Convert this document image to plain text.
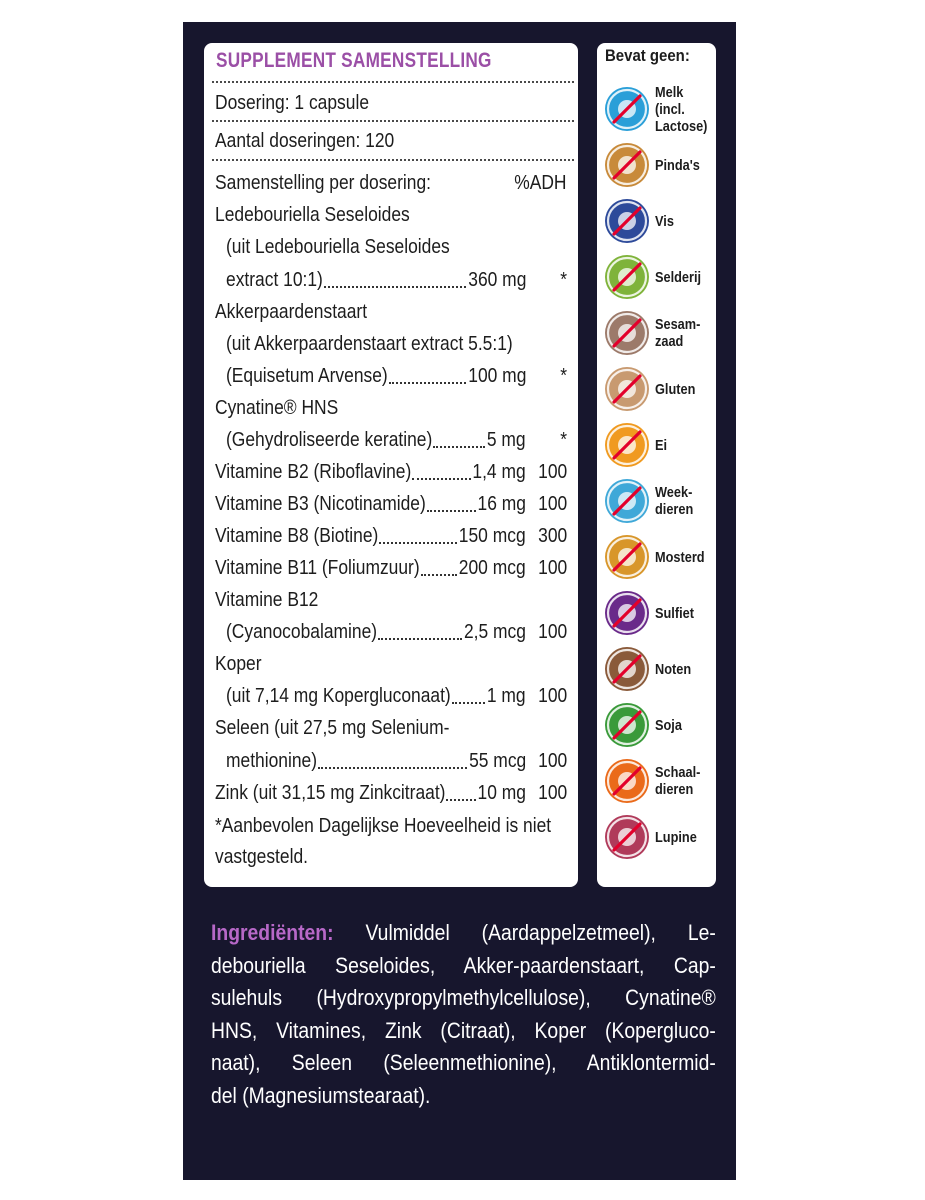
SUPPLEMENT SAMENSTELLING
Dosering: 1 capsule
Aantal doseringen: 120
Samenstelling per dosering:	%ADH
Ledebouriella Seseloides
(uit Ledebouriella Seseloides
extract 10:1)	360 mg *
Akkerpaardenstaart
(uit Akkerpaardenstaart extract 5.5:1)
(Equisetum Arvense)	100 mg *
Cynatine® HNS
(Gehydroliseerde keratine)	5 mg *
Vitamine B2 (Riboflavine)	1,4 mg 100
Vitamine B3 (Nicotinamide)	16 mg 100
Vitamine B8 (Biotine)	150 mcg 300
Vitamine B11 (Foliumzuur) 200 mcg 100
Vitamine B12
(Cyanocobalamine)	2,5 mcg 100
Koper
(uit 7,14 mg Kopergluconaat) 1 mg 100
Seleen (uit 27,5 mg Selenium-
methionine)	55 mcg 100
Zink (uit 31,15 mg Zinkcitraat) 10 mg 100
*Aanbevolen Dagelijkse Hoeveelheid is niet
vastgesteld.
Bevat geen:
Melk
(incl.
Lactose)
Pinda's
Vis
Selderij
Sesam-
zaad
Gluten
Ei
Week-
dieren
Mosterd
Sulfiet
Noten
Soja
Schaal-
dieren
Lupine
Ingrediënten: Vulmiddel (Aardappelzetmeel), Le-
debouriella Seseloides, Akker-paardenstaart, Cap-
sulehuls (Hydroxypropylmethylcellulose), Cynatine®
HNS, Vitamines, Zink (Citraat), Koper (Kopergluco-
naat), Seleen (Seleenmethionine), Antiklontermid-
del (Magnesiumstearaat).
